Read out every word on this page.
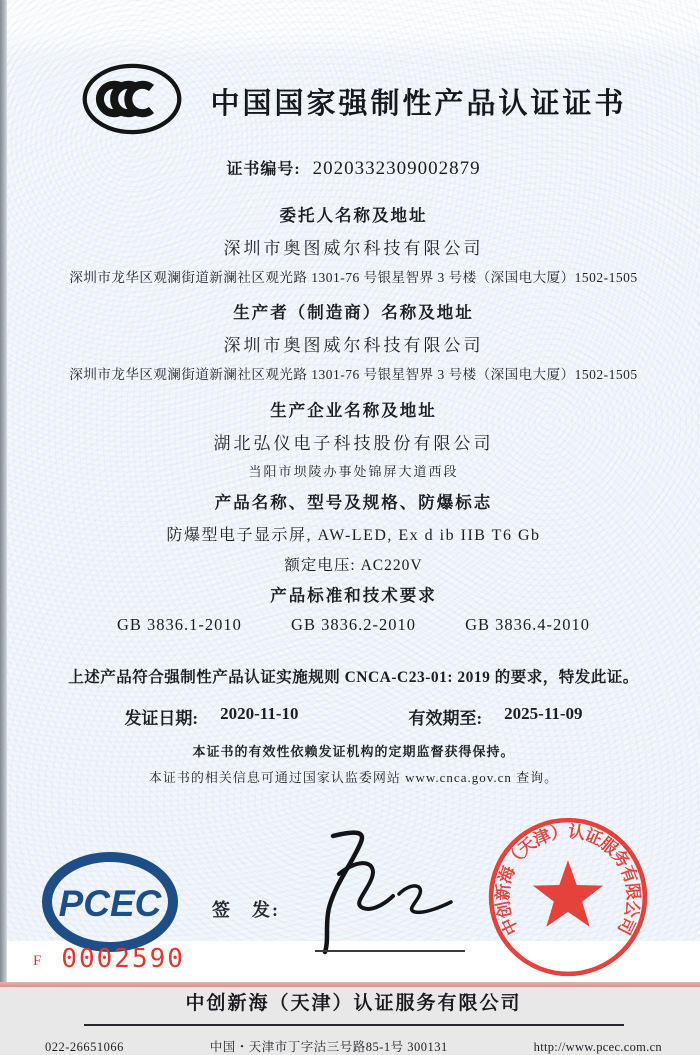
中国国家强制性产品认证证书
证书编号: 2020332309002879
委托人名称及地址
深圳市奥图威尔科技有限公司
深圳市龙华区观澜街道新澜社区观光路 1301-76 号银星智界 3 号楼（深国电大厦）1502-1505
生产者（制造商）名称及地址
深圳市奥图威尔科技有限公司
深圳市龙华区观澜街道新澜社区观光路 1301-76 号银星智界 3 号楼（深国电大厦）1502-1505
生产企业名称及地址
湖北弘仪电子科技股份有限公司
当阳市坝陵办事处锦屏大道西段
产品名称、型号及规格、防爆标志
防爆型电子显示屏, AW-LED, Ex d ib IIB T6 Gb
额定电压: AC220V
产品标准和技术要求
GB 3836.1-2010	GB 3836.2-2010	GB 3836.4-2010
上述产品符合强制性产品认证实施规则 CNCA-C23-01: 2019 的要求，特发此证。
发证日期: 2020-11-10	有效期至: 2025-11-09
本证书的有效性依赖发证机构的定期监督获得保持。
本证书的相关信息可通过国家认监委网站 www.cnca.gov.cn 查询。
PCEC	签　发:
中创新海（天津）认证服务有限公司
中创新海（天津）认证服务有限公司
022-26651066	中国・天津市丁字沽三号路85-1号 300131	http://www.pcec.com.cn
F 0002590
